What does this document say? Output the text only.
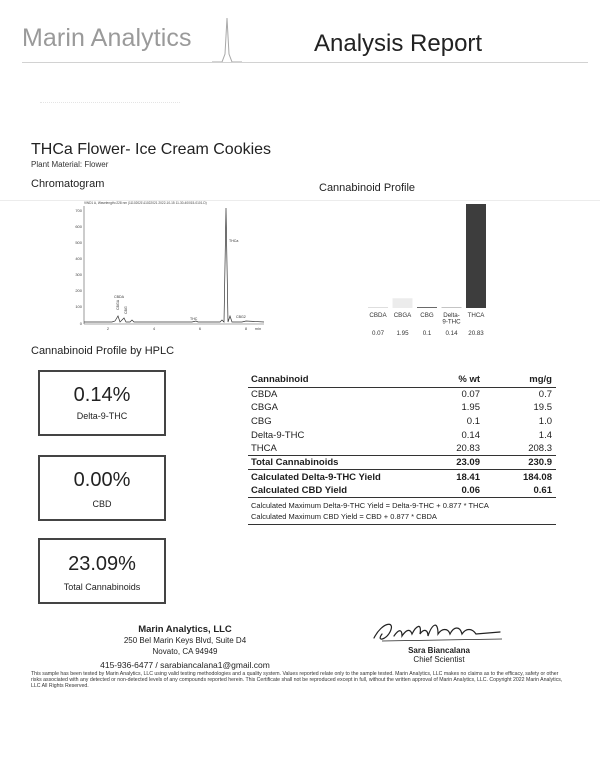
Marin Analytics	Analysis Report
THCa Flower- Ice Cream Cookies
Plant Material: Flower
Chromatogram	Cannabinoid Profile
VWD1 A, Wavelength=228 nm (11102021\11022021 2022-10-15 11-30-40\015-0101.D)
700
600
500
400
300
200
100
0
2	4	6	8 min
CBDA
CBGA
CBG
THC
THCa
CBG2	CBDA CBGA CBG Delta-9-THC
THCA
0.07 1.95 0.1 0.14 20.83
Cannabinoid Profile by HPLC
0.14%
Delta-9-THC
0.00%
CBD
23.09%
Total Cannabinoids
Cannabinoid	% wt	mg/g
CBDA	0.07	0.7
CBGA	1.95	19.5
CBG	0.1	1.0
Delta-9-THC	0.14	1.4
THCA	20.83	208.3
Total Cannabinoids	23.09	230.9
Calculated Delta-9-THC Yield	18.41	184.08
Calculated CBD Yield	0.06	0.61
Calculated Maximum Delta-9-THC Yield = Delta-9-THC + 0.877 * THCA		
Calculated Maximum CBD Yield = CBD + 0.877 * CBDA		
Marin Analytics, LLC
250 Bel Marin Keys Blvd, Suite D4
Novato, CA 94949
415-936-6477 / sarabiancalana1@gmail.com
Sara Biancalana
Chief Scientist
This sample has been tested by Marin Analytics, LLC using valid testing methodologies and a quality system. Values reported relate only to the sample tested. Marin Analytics, LLC makes no claims as to the efficacy, safety or other risks associated with any detected or non-detected levels of any compounds reported herein. This Certificate shall not be reproduced except in full, without the written approval of Marin Analytics, LLC. Copyright 2022 Marin Analytics, LLC All Rights Reserved.
